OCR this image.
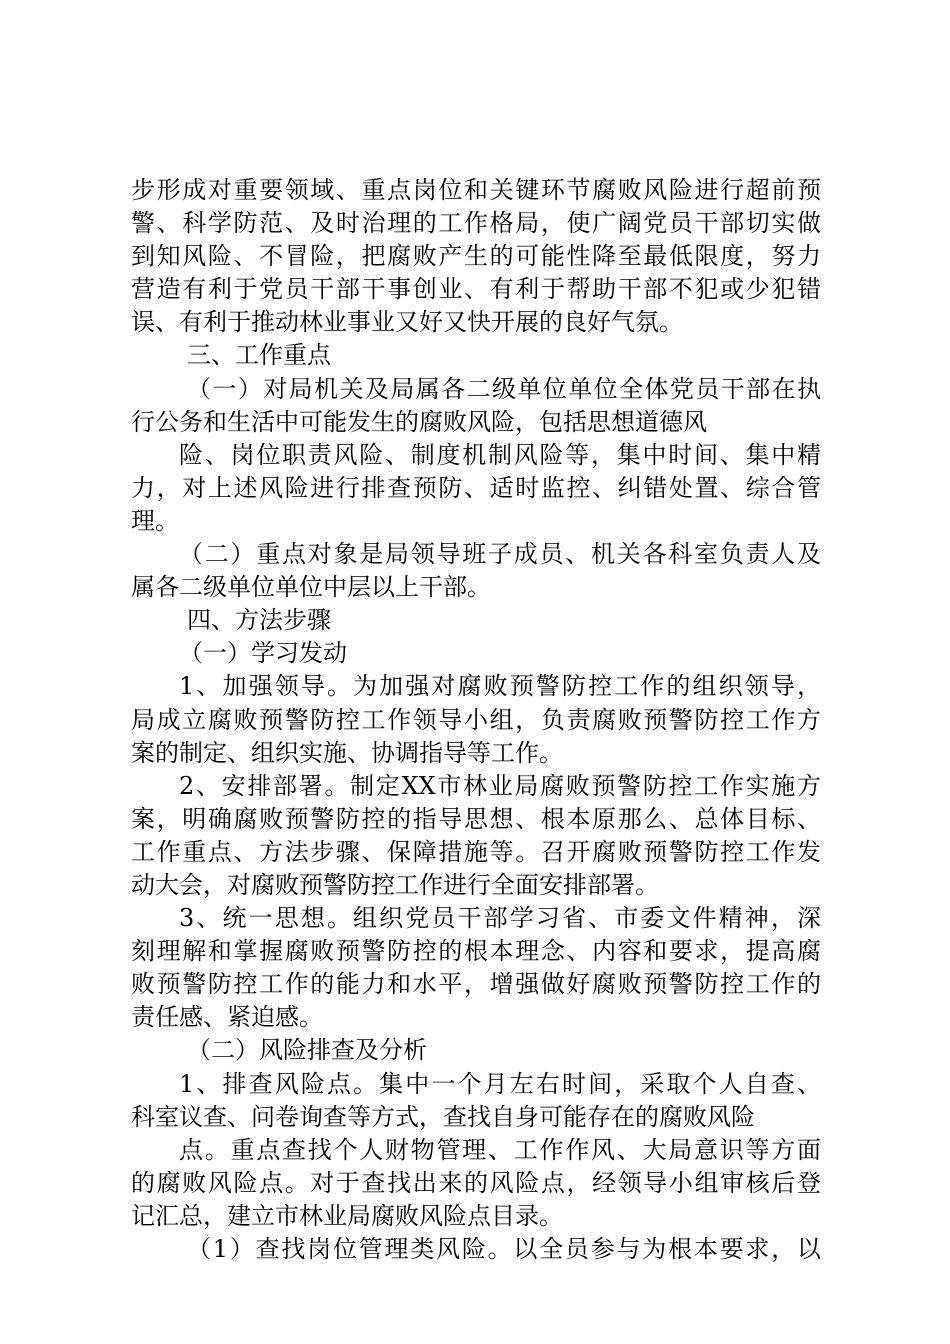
步形成对重要领域、重点岗位和关键环节腐败风险进行超前预
警、科学防范、及时治理的工作格局，使广阔党员干部切实做
到知风险、不冒险，把腐败产生的可能性降至最低限度，努力
营造有利于党员干部干事创业、有利于帮助干部不犯或少犯错
误、有利于推动林业事业又好又快开展的良好气氛。
三、工作重点
（一）对局机关及局属各二级单位单位全体党员干部在执
行公务和生活中可能发生的腐败风险，包括思想道德风
险、岗位职责风险、制度机制风险等，集中时间、集中精
力，对上述风险进行排查预防、适时监控、纠错处置、综合管
理。
（二）重点对象是局领导班子成员、机关各科室负责人及
属各二级单位单位中层以上干部。
四、方法步骤
（一）学习发动
1、加强领导。为加强对腐败预警防控工作的组织领导，
局成立腐败预警防控工作领导小组，负责腐败预警防控工作方
案的制定、组织实施、协调指导等工作。
2、安排部署。制定XX市林业局腐败预警防控工作实施方
案，明确腐败预警防控的指导思想、根本原那么、总体目标、
工作重点、方法步骤、保障措施等。召开腐败预警防控工作发
动大会，对腐败预警防控工作进行全面安排部署。
3、统一思想。组织党员干部学习省、市委文件精神，深
刻理解和掌握腐败预警防控的根本理念、内容和要求，提高腐
败预警防控工作的能力和水平，增强做好腐败预警防控工作的
责任感、紧迫感。
（二）风险排查及分析
1、排查风险点。集中一个月左右时间，采取个人自查、
科室议查、问卷询查等方式，查找自身可能存在的腐败风险
点。重点查找个人财物管理、工作作风、大局意识等方面
的腐败风险点。对于查找出来的风险点，经领导小组审核后登
记汇总，建立市林业局腐败风险点目录。
（1）查找岗位管理类风险。以全员参与为根本要求，以
